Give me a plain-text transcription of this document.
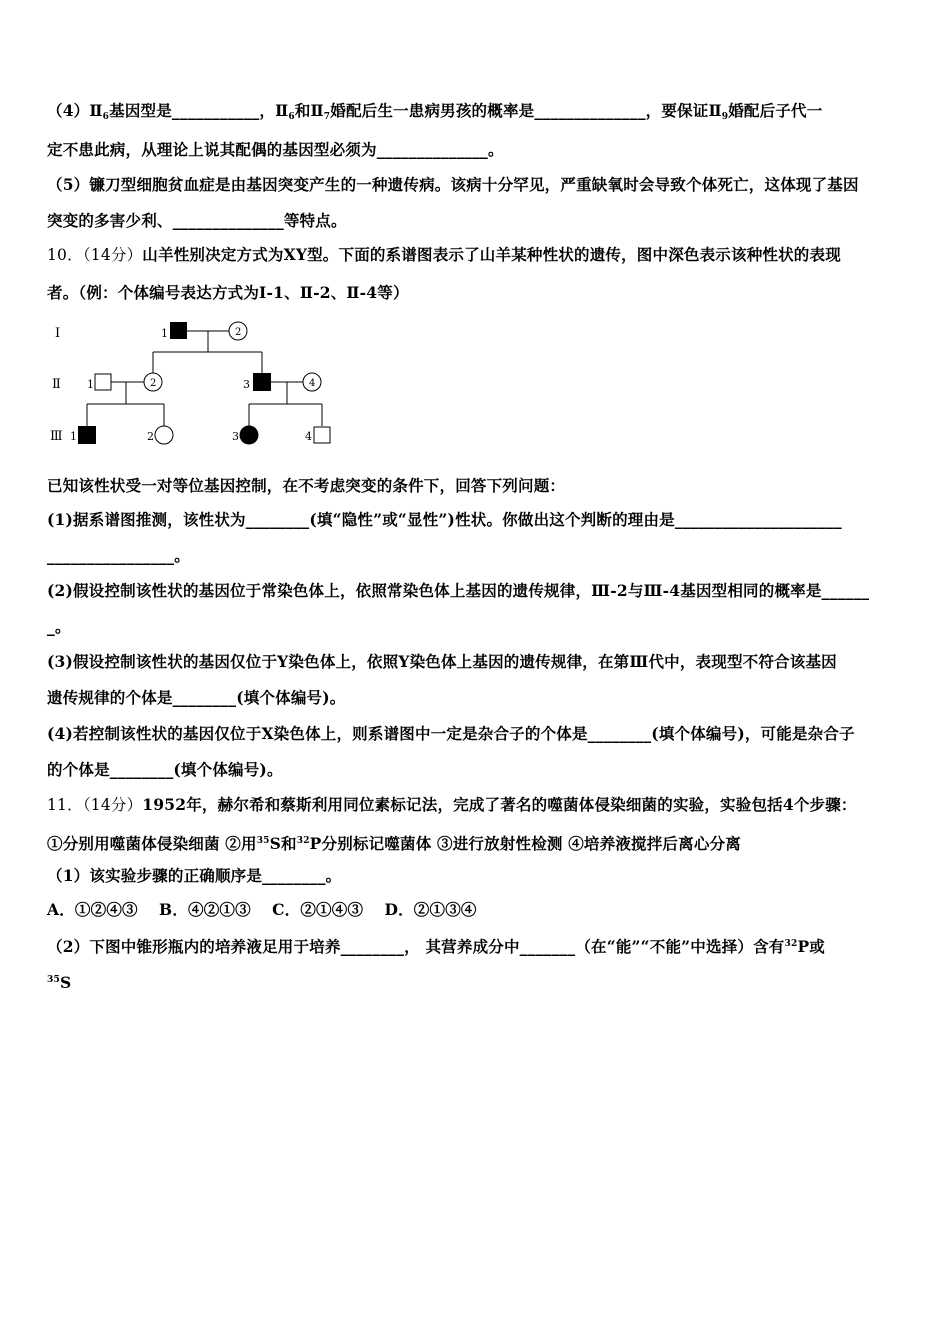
$(4)Ⅱ_6$基因型是___________，$Ⅱ_6$和$Ⅱ_7$婚配后生一患病男孩的概率是______________，要保证$Ⅱ_9$婚配后子代一
定不患此病，从理论上说其配偶的基因型必须为______________。
（5）镰刀型细胞贫血症是由基因突变产生的一种遗传病。该病十分罕见，严重缺氧时会导致个体死亡，这体现了基因
突变的多害少利、______________等特点。
10．（14分）山羊性别决定方式为XY型。下面的系谱图表示了山羊某种性状的遗传，图中深色表示该种性状的表现
者。（例：个体编号表达方式为Ⅰ-1、Ⅱ-2、Ⅱ-4等）
Ⅰ
Ⅱ
Ⅲ
1	2
1	2	3	4
1	2	3	4
已知该性状受一对等位基因控制，在不考虑突变的条件下，回答下列问题：
(1)据系谱图推测，该性状为________(填“隐性”或“显性”)性状。你做出这个判断的理由是_____________________
________________。
(2)假设控制该性状的基因位于常染色体上，依照常染色体上基因的遗传规律，Ⅲ-2与Ⅲ-4基因型相同的概率是______
_。
(3)假设控制该性状的基因仅位于Y染色体上，依照Y染色体上基因的遗传规律，在第Ⅲ代中，表现型不符合该基因
遗传规律的个体是________(填个体编号)。
(4)若控制该性状的基因仅位于X染色体上，则系谱图中一定是杂合子的个体是________(填个体编号)，可能是杂合子
的个体是________(填个体编号)。
11．（14分）1952年，赫尔希和蔡斯利用同位素标记法，完成了著名的噬菌体侵染细菌的实验，实验包括4个步骤：
①分别用噬菌体侵染细菌 ②用$^{35}$S和$^{32}$P分别标记噬菌体 ③进行放射性检测 ④培养液搅拌后离心分离
（1）该实验步骤的正确顺序是________。
A．①②④③　 B．④②①③　 C．②①④③　 D．②①③④
（2）下图中锥形瓶内的培养液足用于培养________， 其营养成分中_______（在“能”“不能”中选择）含有$^{32}$P或
$^{35}$S
